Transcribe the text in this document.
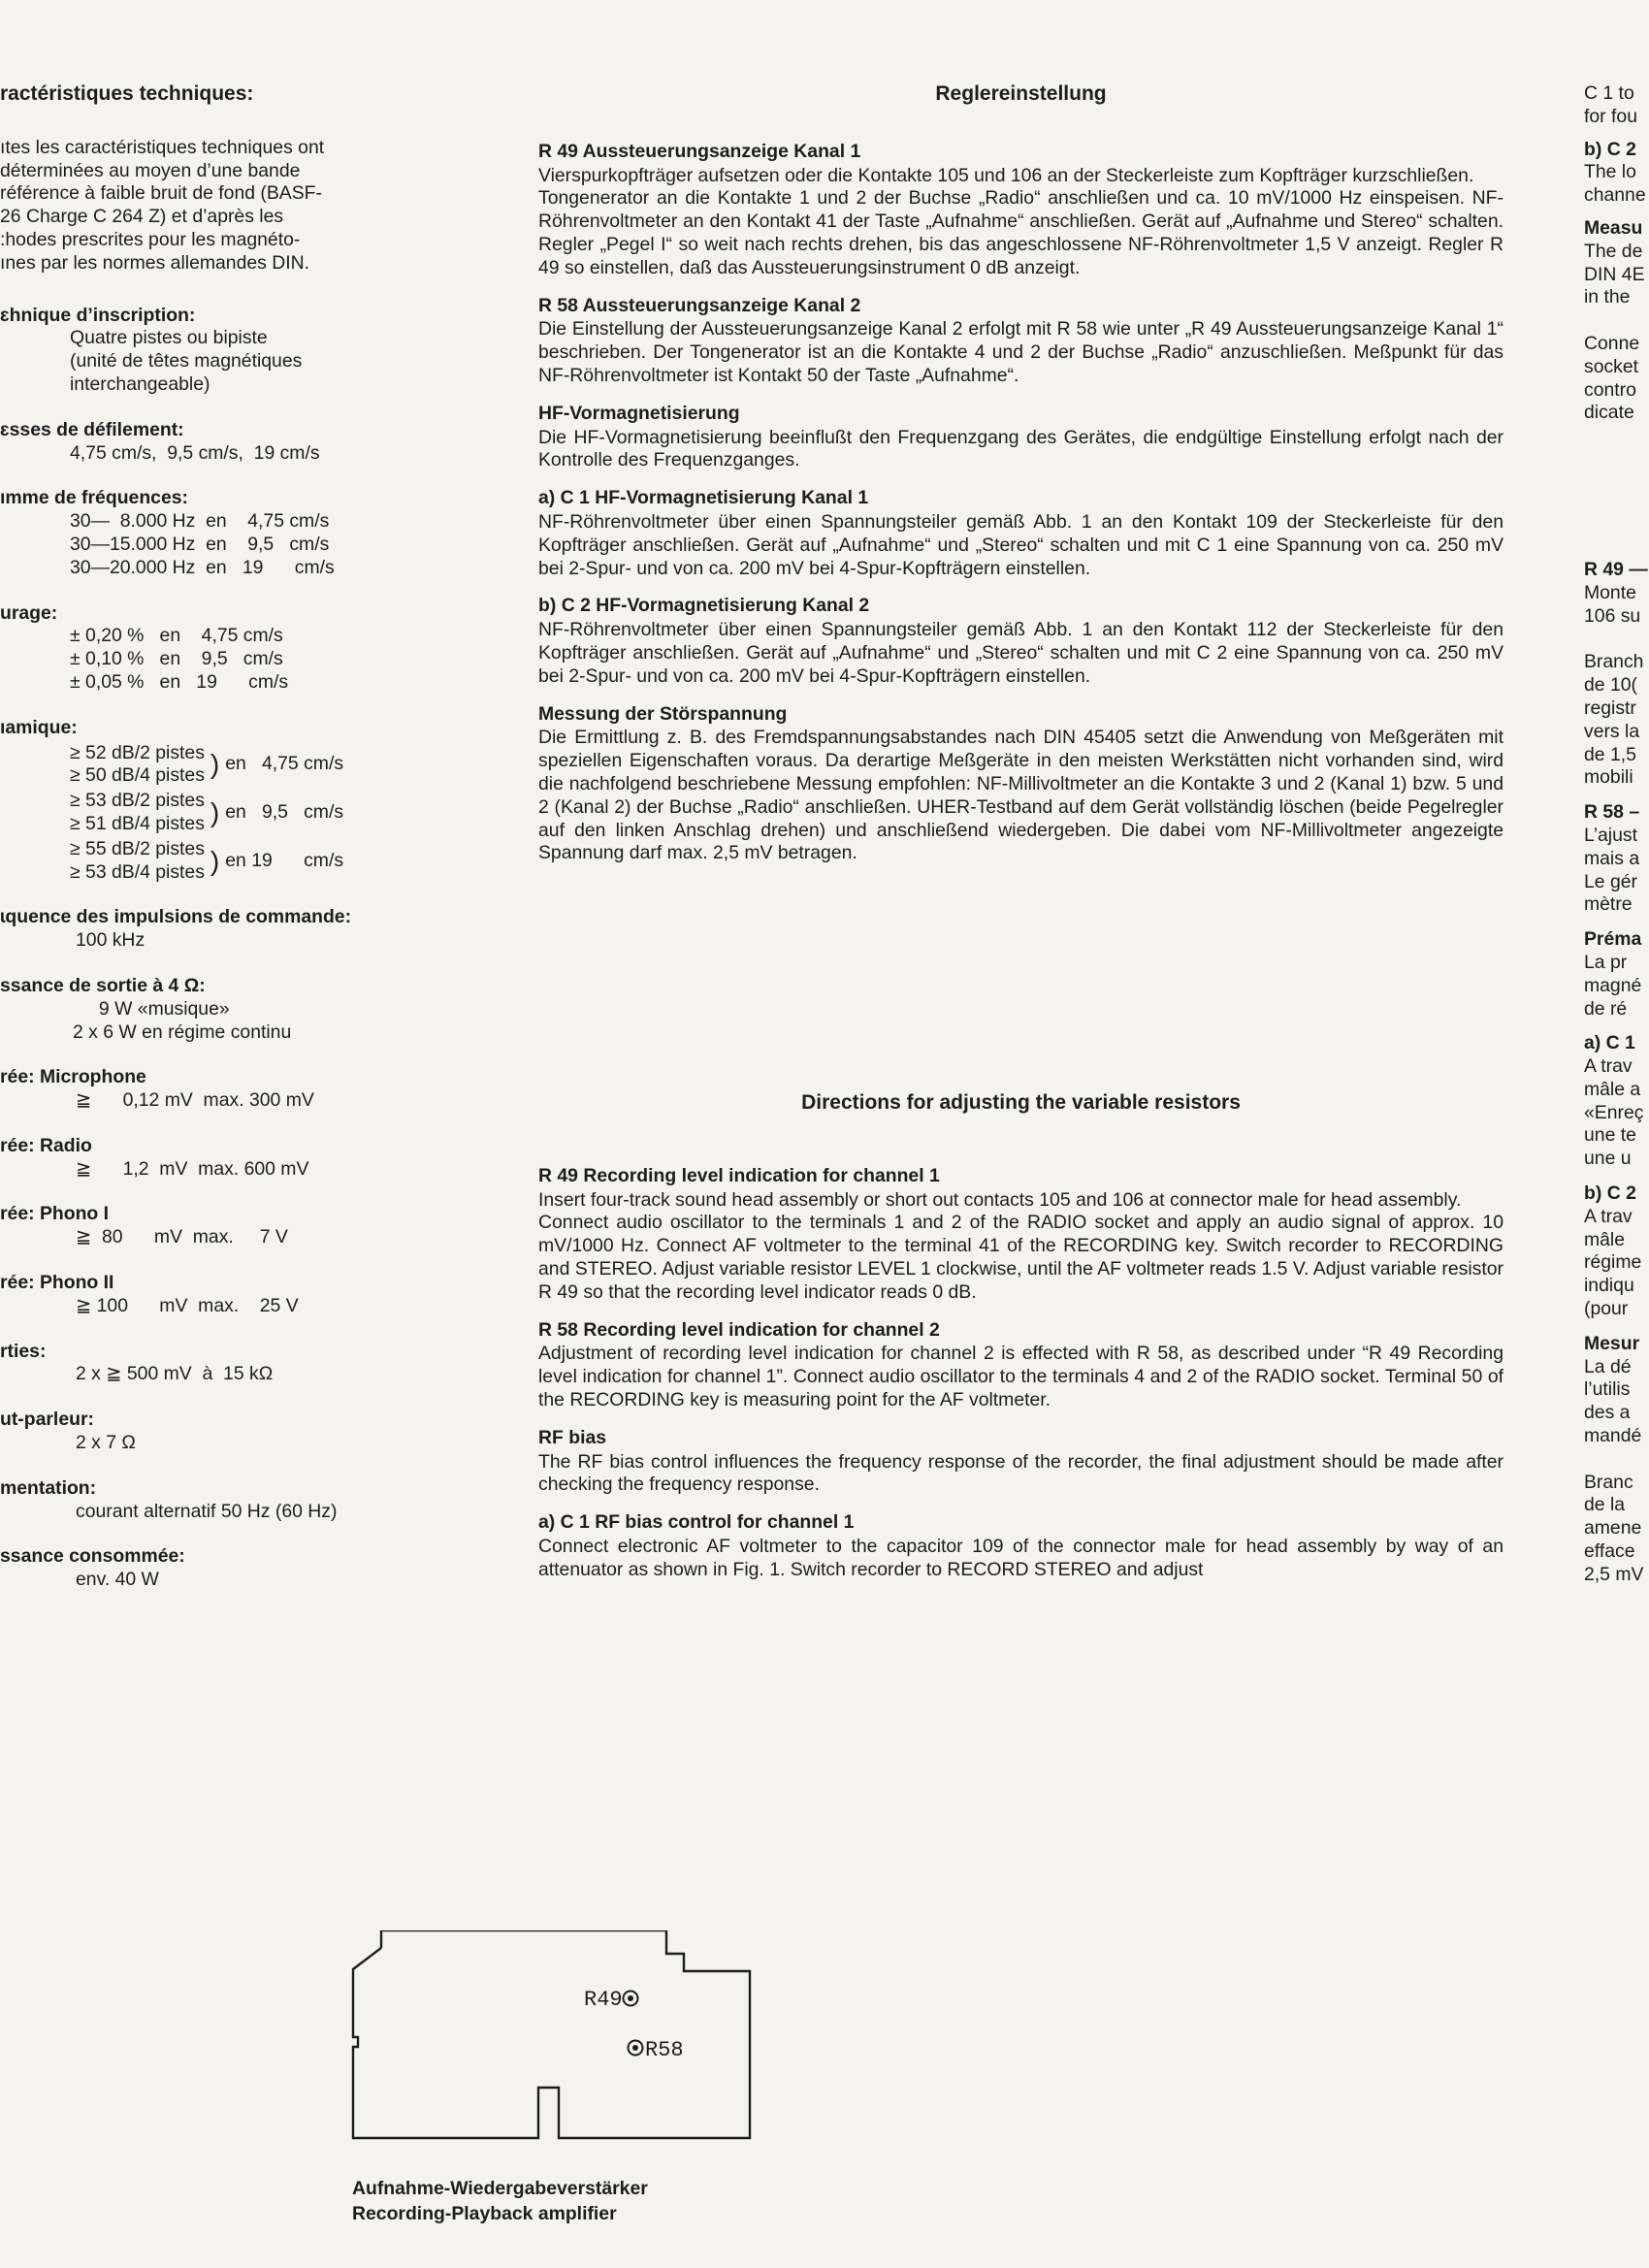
ractéristiques techniques:
ıtes les caractéristiques techniques ont
déterminées au moyen d’une bande
référence à faible bruit de fond (BASF-
26 Charge C 264 Z) et d’après les
:hodes prescrites pour les magnéto-
ınes par les normes allemandes DIN.
ɛhnique d’inscription:
Quatre pistes ou bipiste
(unité de têtes magnétiques
interchangeable)
ɛsses de défilement:
4,75 cm/s,  9,5 cm/s,  19 cm/s
ımme de fréquences:
30—  8.000 Hz  en    4,75 cm/s
30—15.000 Hz  en    9,5   cm/s
30—20.000 Hz  en   19      cm/s
urage:
± 0,20 %   en    4,75 cm/s
± 0,10 %   en    9,5   cm/s
± 0,05 %   en   19      cm/s
ıamique:
≥ 52 dB/2 pistes
≥ 50 dB/4 pistes ) en   4,75 cm/s
≥ 53 dB/2 pistes
≥ 51 dB/4 pistes ) en   9,5   cm/s
≥ 55 dB/2 pistes
≥ 53 dB/4 pistes ) en 19      cm/s
ɩquence des impulsions de commande:
100 kHz
ssance de sortie à 4 Ω:
9 W «musique»
2 x 6 W en régime continu
rée: Microphone
≧      0,12 mV  max. 300 mV
rée: Radio
≧      1,2  mV  max. 600 mV
rée: Phono I
≧  80      mV  max.     7 V
rée: Phono II
≧ 100      mV  max.    25 V
rties:
2 x ≧ 500 mV  à  15 kΩ
ut-parleur:
2 x 7 Ω
mentation:
courant alternatif 50 Hz (60 Hz)
ssance consommée:
env. 40 W
Reglereinstellung
R 49 Aussteuerungsanzeige Kanal 1

Vierspurkopfträger aufsetzen oder die Kontakte 105 und 106 an der Steckerleiste zum Kopfträger kurzschließen.

Tongenerator an die Kontakte 1 und 2 der Buchse „Radio“ anschließen und ca. 10 mV/1000 Hz einspeisen. NF-Röhrenvoltmeter an den Kontakt 41 der Taste „Aufnahme“ anschließen. Gerät auf „Aufnahme und Stereo“ schalten. Regler „Pegel I“ so weit nach rechts drehen, bis das angeschlossene NF-Röhrenvoltmeter 1,5 V anzeigt. Regler R 49 so einstellen, daß das Aussteuerungsinstrument 0 dB anzeigt.

R 58 Aussteuerungsanzeige Kanal 2

Die Einstellung der Aussteuerungsanzeige Kanal 2 erfolgt mit R 58 wie unter „R 49 Aussteuerungsanzeige Kanal 1“ beschrieben. Der Tongenerator ist an die Kontakte 4 und 2 der Buchse „Radio“ anzuschließen. Meßpunkt für das NF-Röhrenvoltmeter ist Kontakt 50 der Taste „Aufnahme“.

HF-Vormagnetisierung

Die HF-Vormagnetisierung beeinflußt den Frequenzgang des Gerätes, die endgültige Einstellung erfolgt nach der Kontrolle des Frequenzganges.

a) C 1 HF-Vormagnetisierung Kanal 1

NF-Röhrenvoltmeter über einen Spannungsteiler gemäß Abb. 1 an den Kontakt 109 der Steckerleiste für den Kopfträger anschließen. Gerät auf „Aufnahme“ und „Stereo“ schalten und mit C 1 eine Spannung von ca. 250 mV bei 2-Spur- und von ca. 200 mV bei 4-Spur-Kopfträgern einstellen.

b) C 2 HF-Vormagnetisierung Kanal 2

NF-Röhrenvoltmeter über einen Spannungsteiler gemäß Abb. 1 an den Kontakt 112 der Steckerleiste für den Kopfträger anschließen. Gerät auf „Aufnahme“ und „Stereo“ schalten und mit C 2 eine Spannung von ca. 250 mV bei 2-Spur- und von ca. 200 mV bei 4-Spur-Kopfträgern einstellen.

Messung der Störspannung

Die Ermittlung z. B. des Fremdspannungsabstandes nach DIN 45405 setzt die Anwendung von Meßgeräten mit speziellen Eigenschaften voraus. Da derartige Meßgeräte in den meisten Werkstätten nicht vorhanden sind, wird die nachfolgend beschriebene Messung empfohlen: NF-Millivoltmeter an die Kontakte 3 und 2 (Kanal 1) bzw. 5 und 2 (Kanal 2) der Buchse „Radio“ anschließen. UHER-Testband auf dem Gerät vollständig löschen (beide Pegelregler auf den linken Anschlag drehen) und anschließend wiedergeben. Die dabei vom NF-Millivoltmeter angezeigte Spannung darf max. 2,5 mV betragen.

Directions for adjusting the variable resistors
R 49 Recording level indication for channel 1

Insert four-track sound head assembly or short out contacts 105 and 106 at connector male for head assembly.

Connect audio oscillator to the terminals 1 and 2 of the RADIO socket and apply an audio signal of approx. 10 mV/1000 Hz. Connect AF voltmeter to the terminal 41 of the RECORDING key. Switch recorder to RECORDING and STEREO. Adjust variable resistor LEVEL 1 clockwise, until the AF voltmeter reads 1.5 V. Adjust variable resistor R 49 so that the recording level indicator reads 0 dB.

R 58 Recording level indication for channel 2

Adjustment of recording level indication for channel 2 is effected with R 58, as described under “R 49 Recording level indication for channel 1”. Connect audio oscillator to the terminals 4 and 2 of the RADIO socket. Terminal 50 of the RECORDING key is measuring point for the AF voltmeter.

RF bias

The RF bias control influences the frequency response of the recorder, the final adjustment should be made after checking the frequency response.

a) C 1 RF bias control for channel 1

Connect electronic AF voltmeter to the capacitor 109 of the connector male for head assembly by way of an attenuator as shown in Fig. 1. Switch recorder to RECORD STEREO and adjust

C 1 to
for fou
b) C 2
The lo
channe
Measu
The de
DIN 4E
in the

Conne
socket
contro
dicate
R 49 —
Monte
106 su

Branch
de 10(
registr
vers la
de 1,5
mobili
R 58 –
L’ajust
mais a
Le gér
mètre
Préma
La pr
magné
de ré
a) C 1
A trav
mâle a
«Enreç
une te
une u
b) C 2
A trav
mâle
régime
indiqu
(pour
Mesur
La dé
l’utilis
des a
mandé

Branc
de la
amene
efface
2,5 mV
R49
R58
Aufnahme-Wiedergabeverstärker
Recording-Playback amplifier
